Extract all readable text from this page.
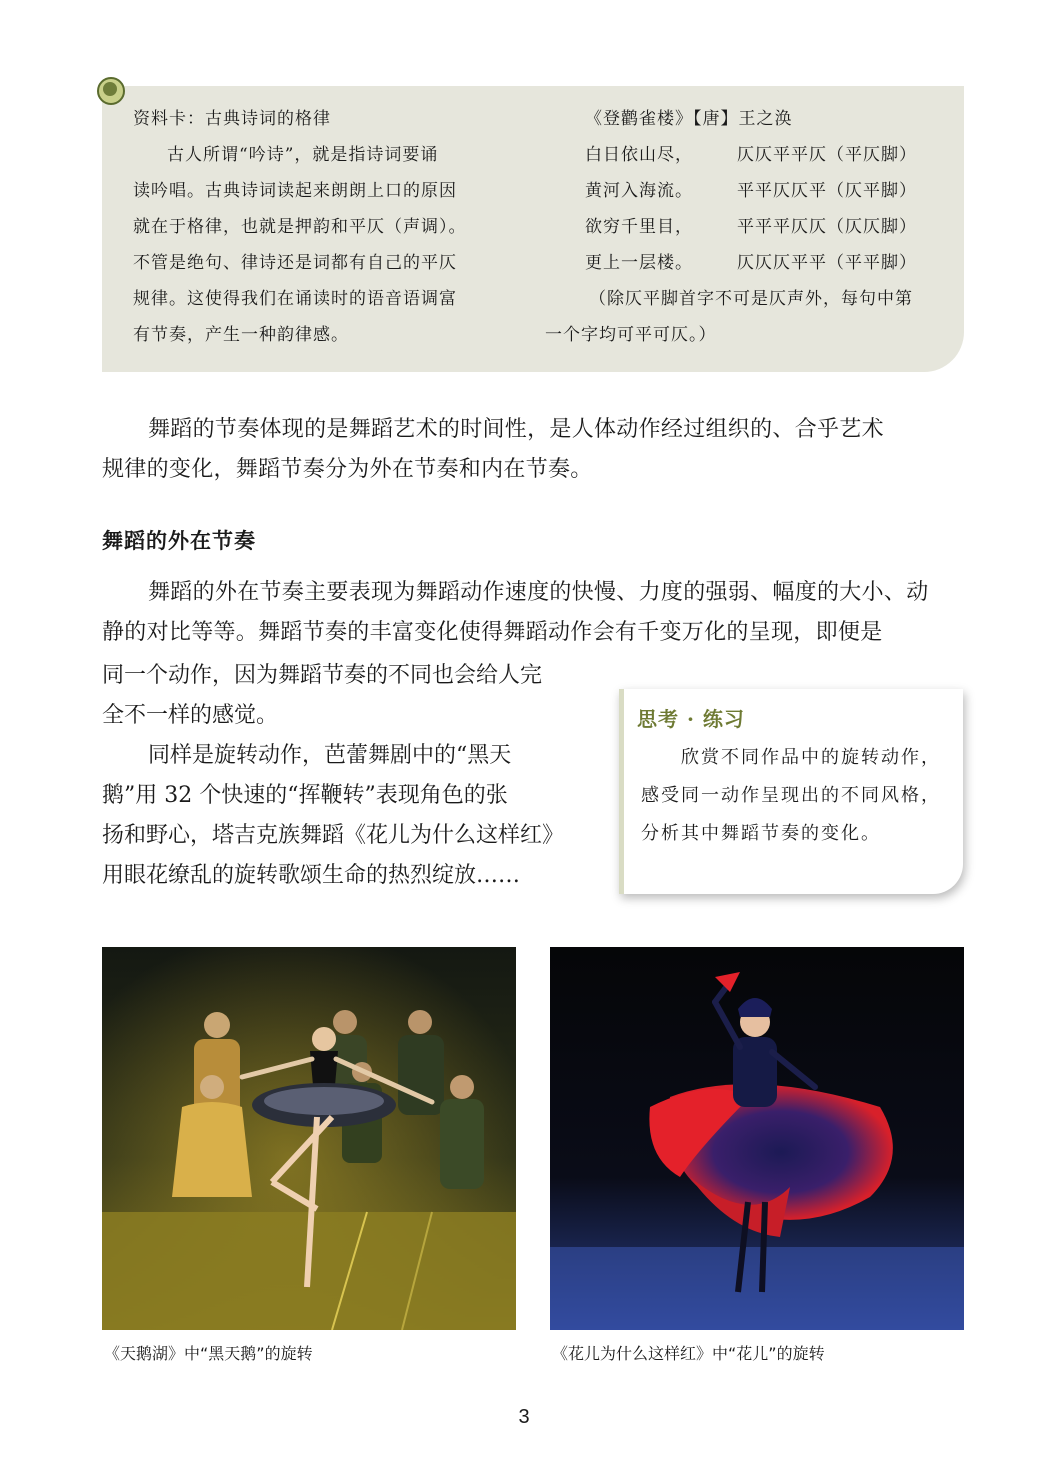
资料卡：古典诗词的格律

古人所谓“吟诗”，就是指诗词要诵

读吟唱。古典诗词读起来朗朗上口的原因

就在于格律，也就是押韵和平仄（声调）。

不管是绝句、律诗还是词都有自己的平仄

规律。这使得我们在诵读时的语音语调富

有节奏，产生一种韵律感。

《登鹳雀楼》【唐】王之涣
白日依山尽，	仄仄平平仄（平仄脚）
黄河入海流。	平平仄仄平（仄平脚）
欲穷千里目，	平平平仄仄（仄仄脚）
更上一层楼。	仄仄仄平平（平平脚）

（除仄平脚首字不可是仄声外，每句中第

一个字均可平可仄。）

舞蹈的节奏体现的是舞蹈艺术的时间性，是人体动作经过组织的、合乎艺术

规律的变化，舞蹈节奏分为外在节奏和内在节奏。
舞蹈的外在节奏

舞蹈的外在节奏主要表现为舞蹈动作速度的快慢、力度的强弱、幅度的大小、动

静的对比等等。舞蹈节奏的丰富变化使得舞蹈动作会有千变万化的呈现，即便是

同一个动作，因为舞蹈节奏的不同也会给人完

全不一样的感觉。

同样是旋转动作，芭蕾舞剧中的“黑天

鹅”用 32 个快速的“挥鞭转”表现角色的张

扬和野心，塔吉克族舞蹈《花儿为什么这样红》

用眼花缭乱的旋转歌颂生命的热烈绽放……

思考 · 练习
欣赏不同作品中的旋转动作，感受同一动作呈现出的不同风格，分析其中舞蹈节奏的变化。
《天鹅湖》中“黑天鹅”的旋转	《花儿为什么这样红》中“花儿”的旋转
3
